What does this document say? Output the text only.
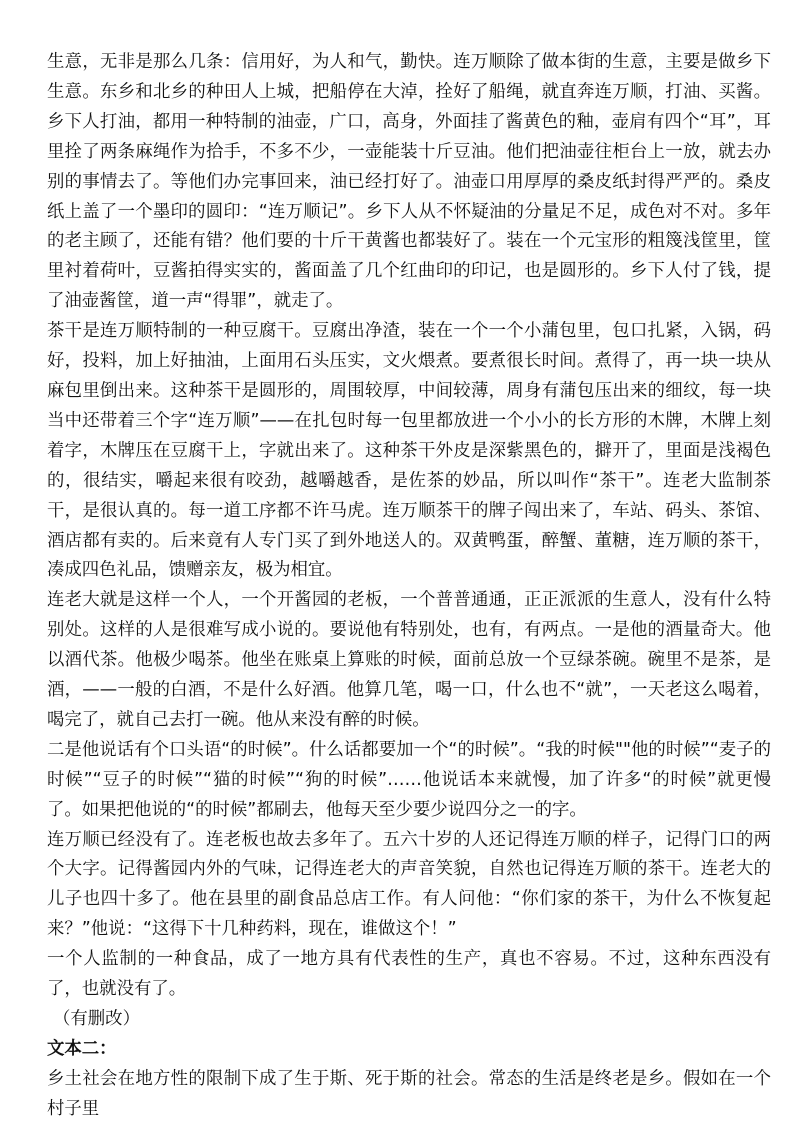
生意，无非是那么几条：信用好，为人和气，勤快。连万顺除了做本街的生意，主要是做乡下生意。东乡和北乡的种田人上城，把船停在大淖，拴好了船绳，就直奔连万顺，打油、买酱。乡下人打油，都用一种特制的油壶，广口，高身，外面挂了酱黄色的釉，壶肩有四个“耳”，耳里拴了两条麻绳作为拾手，不多不少，一壶能装十斤豆油。他们把油壶往柜台上一放，就去办别的事情去了。等他们办完事回来，油已经打好了。油壶口用厚厚的桑皮纸封得严严的。桑皮纸上盖了一个墨印的圆印：“连万顺记”。乡下人从不怀疑油的分量足不足，成色对不对。多年的老主顾了，还能有错？他们要的十斤干黄酱也都装好了。装在一个元宝形的粗篾浅筐里，筐里衬着荷叶，豆酱拍得实实的，酱面盖了几个红曲印的印记，也是圆形的。乡下人付了钱，提了油壶酱筐，道一声“得罪”，就走了。

茶干是连万顺特制的一种豆腐干。豆腐出净渣，装在一个一个小蒲包里，包口扎紧，入锅，码好，投料，加上好抽油，上面用石头压实，文火煨煮。要煮很长时间。煮得了，再一块一块从麻包里倒出来。这种茶干是圆形的，周围较厚，中间较薄，周身有蒲包压出来的细纹，每一块当中还带着三个字“连万顺”——在扎包时每一包里都放进一个小小的长方形的木牌，木牌上刻着字，木牌压在豆腐干上，字就出来了。这种茶干外皮是深紫黑色的，擗开了，里面是浅褐色的，很结实，嚼起来很有咬劲，越嚼越香，是佐茶的妙品，所以叫作“茶干”。连老大监制茶干，是很认真的。每一道工序都不许马虎。连万顺茶干的牌子闯出来了，车站、码头、茶馆、酒店都有卖的。后来竟有人专门买了到外地送人的。双黄鸭蛋，醉蟹、董糖，连万顺的茶干，凑成四色礼品，馈赠亲友，极为相宜。

连老大就是这样一个人，一个开酱园的老板，一个普普通通，正正派派的生意人，没有什么特别处。这样的人是很难写成小说的。要说他有特别处，也有，有两点。一是他的酒量奇大。他以酒代茶。他极少喝茶。他坐在账桌上算账的时候，面前总放一个豆绿茶碗。碗里不是茶，是酒，——一般的白酒，不是什么好酒。他算几笔，喝一口，什么也不“就”，一天老这么喝着，喝完了，就自己去打一碗。他从来没有醉的时候。

二是他说话有个口头语“的时候”。什么话都要加一个“的时候”。“我的时候""他的时候”“麦子的时候”“豆子的时候”“猫的时候”“狗的时候”……他说话本来就慢，加了许多“的时候”就更慢了。如果把他说的“的时候”都刷去，他每天至少要少说四分之一的字。

连万顺已经没有了。连老板也故去多年了。五六十岁的人还记得连万顺的样子，记得门口的两个大字。记得酱园内外的气味，记得连老大的声音笑貌，自然也记得连万顺的茶干。连老大的儿子也四十多了。他在县里的副食品总店工作。有人问他：“你们家的茶干，为什么不恢复起来？”他说：“这得下十几种药料，现在，谁做这个！”

一个人监制的一种食品，成了一地方具有代表性的生产，真也不容易。不过，这种东西没有了，也就没有了。

（有删改）

文本二：

乡土社会在地方性的限制下成了生于斯、死于斯的社会。常态的生活是终老是乡。假如在一个村子里
